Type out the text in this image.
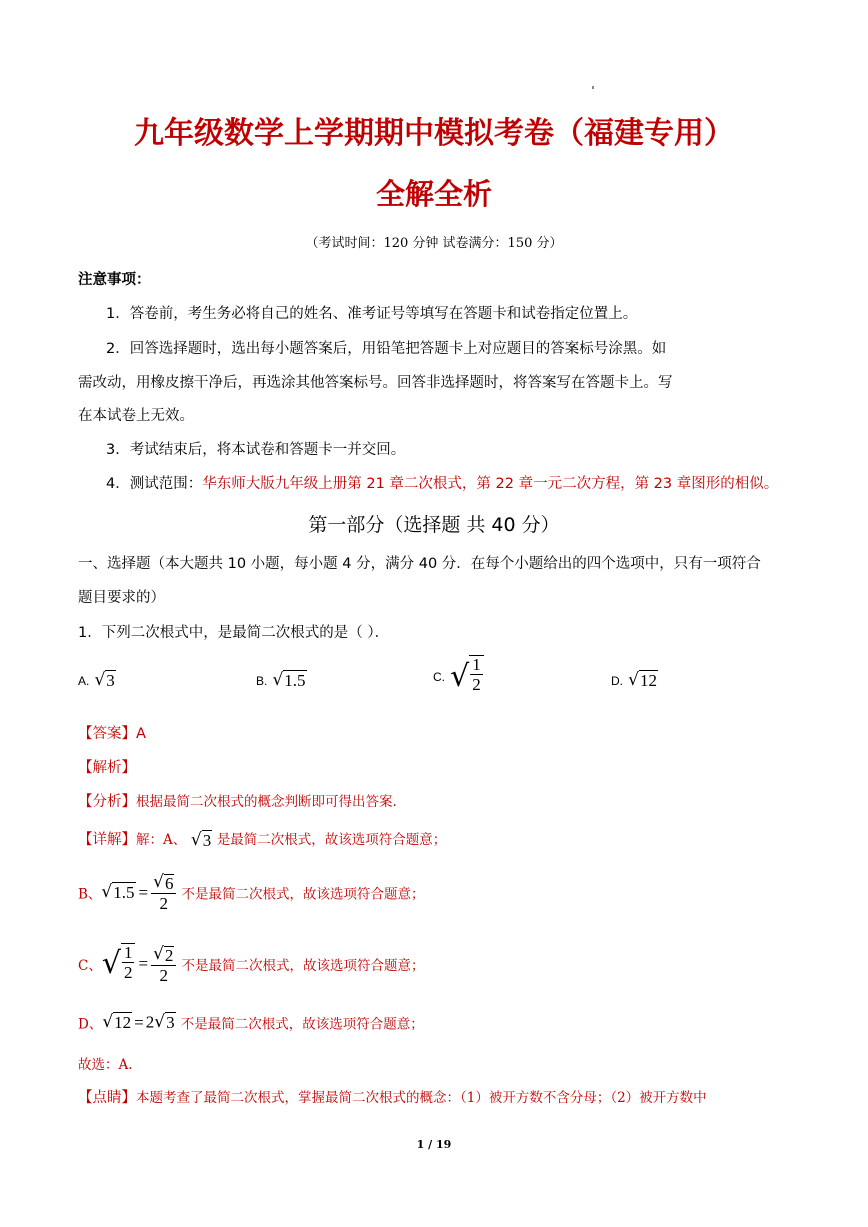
九年级数学上学期期中模拟考卷（福建专用）
全解全析
（考试时间：120 分钟 试卷满分：150 分）
注意事项：
1．答卷前，考生务必将自己的姓名、准考证号等填写在答题卡和试卷指定位置上。
2．回答选择题时，选出每小题答案后，用铅笔把答题卡上对应题目的答案标号涂黑。如
需改动，用橡皮擦干净后，再选涂其他答案标号。回答非选择题时，将答案写在答题卡上。写
在本试卷上无效。
3．考试结束后，将本试卷和答题卡一并交回。
4．测试范围：华东师大版九年级上册第 21 章二次根式，第 22 章一元二次方程，第 23 章图形的相似。
第一部分（选择题 共 40 分）
一、选择题（本大题共 10 小题，每小题 4 分，满分 40 分．在每个小题给出的四个选项中，只有一项符合
题目要求的）
1．下列二次根式中，是最简二次根式的是（ ）．
A. √ 3	B. √ 1.5	C. √ $\frac{1}{2}$	D. √ 12
【答案】A
【解析】
【分析】根据最简二次根式的概念判断即可得出答案.
【详解】解：A、 √ 3 是最简二次根式，故该选项符合题意；
B、 √ $1.5 = \frac{√ 6}{2}$ 不是最简二次根式，故该选项符合题意；
C、 √ $\frac{1}{2} = \frac{√ 2}{2}$ 不是最简二次根式，故该选项符合题意；
D、 √ 12 = 2 √ 3 不是最简二次根式，故该选项符合题意；
故选：A.
【点睛】本题考查了最简二次根式，掌握最简二次根式的概念：（1）被开方数不含分母；（2）被开方数中
1 / 19
